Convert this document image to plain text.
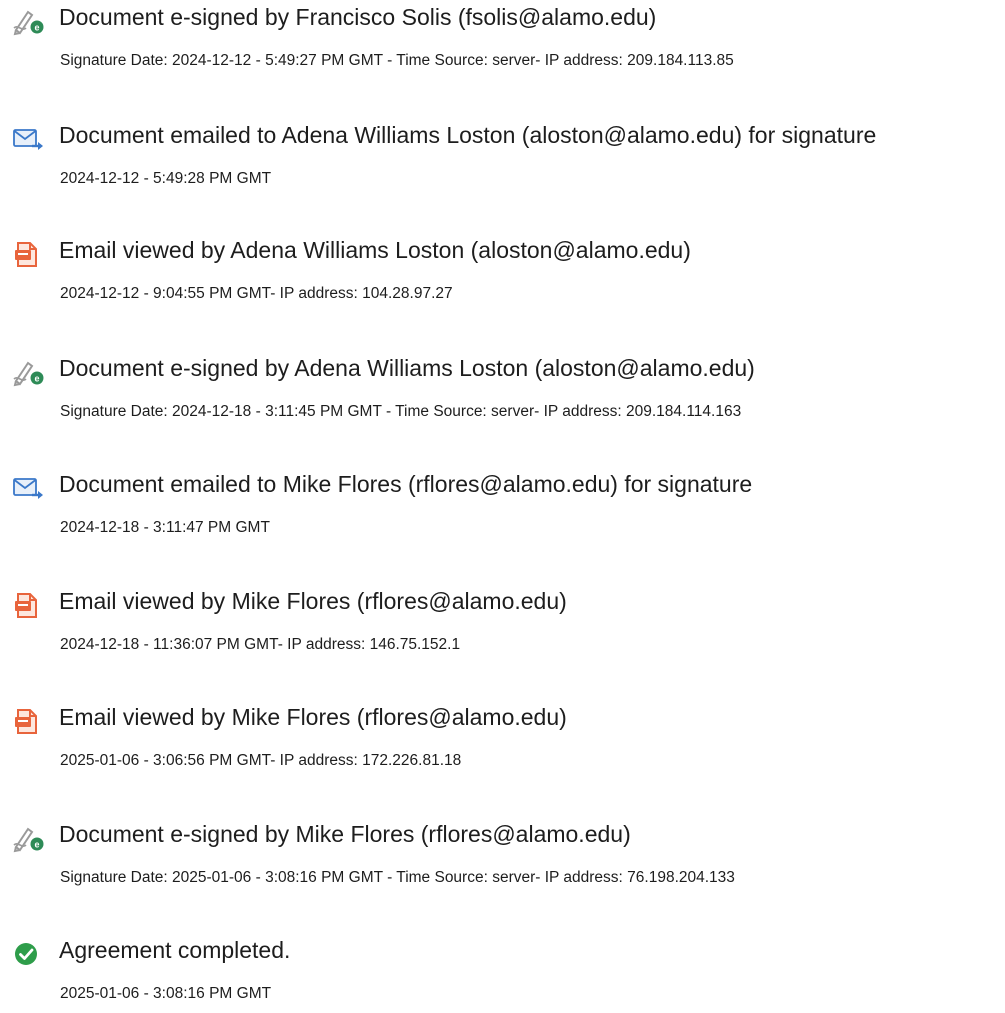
e Document e-signed by Francisco Solis (fsolis@alamo.edu)
Signature Date: 2024-12-12 - 5:49:27 PM GMT - Time Source: server- IP address: 209.184.113.85
Document emailed to Adena Williams Loston (aloston@alamo.edu) for signature
2024-12-12 - 5:49:28 PM GMT
Email viewed by Adena Williams Loston (aloston@alamo.edu)
2024-12-12 - 9:04:55 PM GMT- IP address: 104.28.97.27
e Document e-signed by Adena Williams Loston (aloston@alamo.edu)
Signature Date: 2024-12-18 - 3:11:45 PM GMT - Time Source: server- IP address: 209.184.114.163
Document emailed to Mike Flores (rflores@alamo.edu) for signature
2024-12-18 - 3:11:47 PM GMT
Email viewed by Mike Flores (rflores@alamo.edu)
2024-12-18 - 11:36:07 PM GMT- IP address: 146.75.152.1
Email viewed by Mike Flores (rflores@alamo.edu)
2025-01-06 - 3:06:56 PM GMT- IP address: 172.226.81.18
e Document e-signed by Mike Flores (rflores@alamo.edu)
Signature Date: 2025-01-06 - 3:08:16 PM GMT - Time Source: server- IP address: 76.198.204.133
Agreement completed.
2025-01-06 - 3:08:16 PM GMT
